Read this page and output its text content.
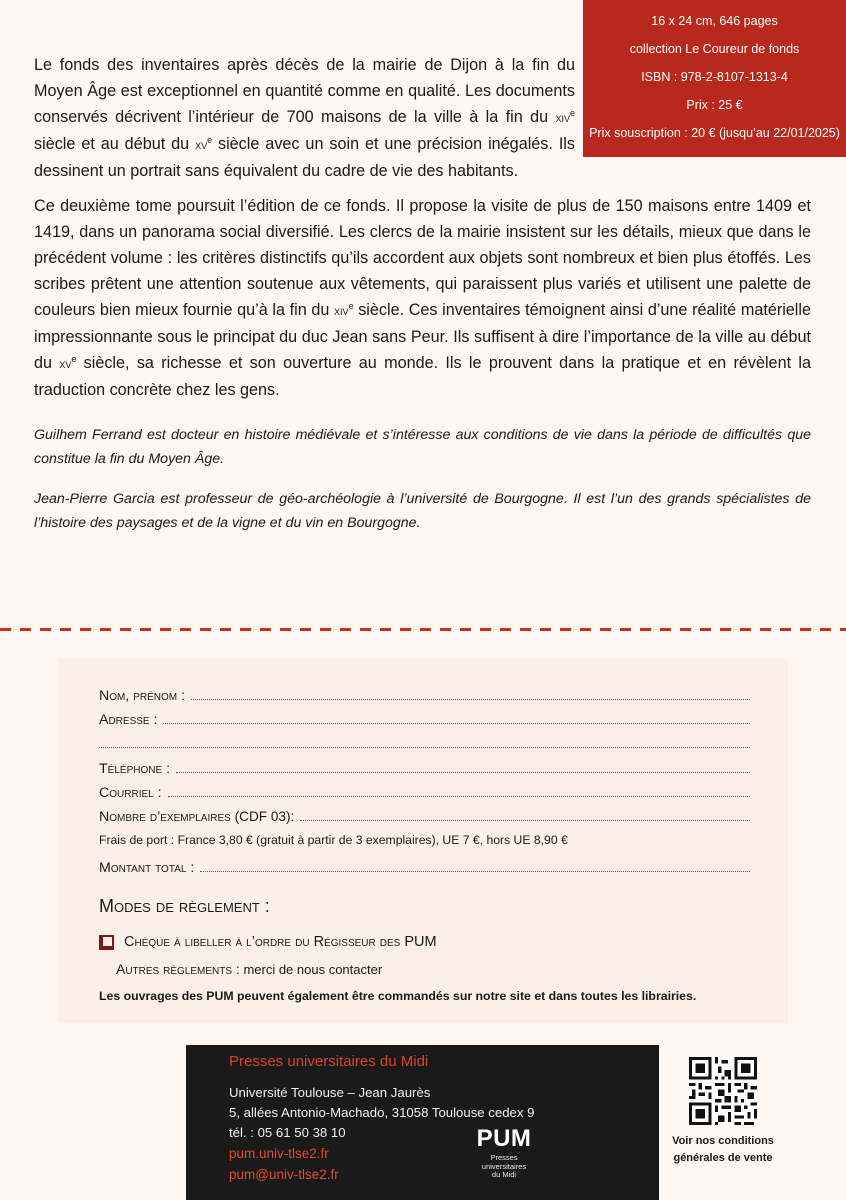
16 x 24 cm, 646 pages
collection Le Coureur de fonds
ISBN : 978-2-8107-1313-4
Prix : 25 €
Prix souscription : 20 € (jusqu’au 22/01/2025)

Le fonds des inventaires après décès de la mairie de Dijon à la fin du Moyen Âge est exceptionnel en quantité comme en qualité. Les documents conservés décrivent l’intérieur de 700 maisons de la ville à la fin du xiv$^e$ siècle et au début du $xv^e$ siècle avec un soin et une précision inégalés. Ils dessinent un portrait sans équivalent du cadre de vie des habitants.

Ce deuxième tome poursuit l’édition de ce fonds. Il propose la visite de plus de 150 maisons entre 1409 et 1419, dans un panorama social diversifié. Les clercs de la mairie insistent sur les détails, mieux que dans le précédent volume : les critères distinctifs qu’ils accordent aux objets sont nombreux et bien plus étoffés. Les scribes prêtent une attention soutenue aux vêtements, qui paraissent plus variés et utilisent une palette de couleurs bien mieux fournie qu’à la fin du xiv$^e$ siècle. Ces inventaires témoignent ainsi d’une réalité matérielle impressionnante sous le principat du duc Jean sans Peur. Ils suffisent à dire l’importance de la ville au début du $xv^e$ siècle, sa richesse et son ouverture au monde. Ils le prouvent dans la pratique et en révèlent la traduction concrète chez les gens.

Guilhem Ferrand est docteur en histoire médiévale et s’intéresse aux conditions de vie dans la période de difficultés que constitue la fin du Moyen Âge.

Jean-Pierre Garcia est professeur de géo-archéologie à l’université de Bourgogne. Il est l’un des grands spécialistes de l’histoire des paysages et de la vigne et du vin en Bourgogne.

Nom, prénom :
Adresse :
Téléphone :
Courriel :
Nombre d’exemplaires
(CDF 03):
Frais de port : France 3,80 € (gratuit à partir de 3 exemplaires), UE 7 €, hors UE 8,90 €
Montant total :
Modes de règlement :
Chèque à libeller à l’ordre du Régisseur des PUM
Autres règlements : merci de nous contacter
Les ouvrages des PUM peuvent également être commandés sur notre site et dans toutes les librairies.
Presses universitaires du Midi
Université Toulouse – Jean Jaurès
5, allées Antonio-Machado, 31058 Toulouse cedex 9
tél. : 05 61 50 38 10
pum.univ-tlse2.fr
pum@univ-tlse2.fr
PUM
Presses
universitaires
du Midi
Voir nos conditions
générales de vente
